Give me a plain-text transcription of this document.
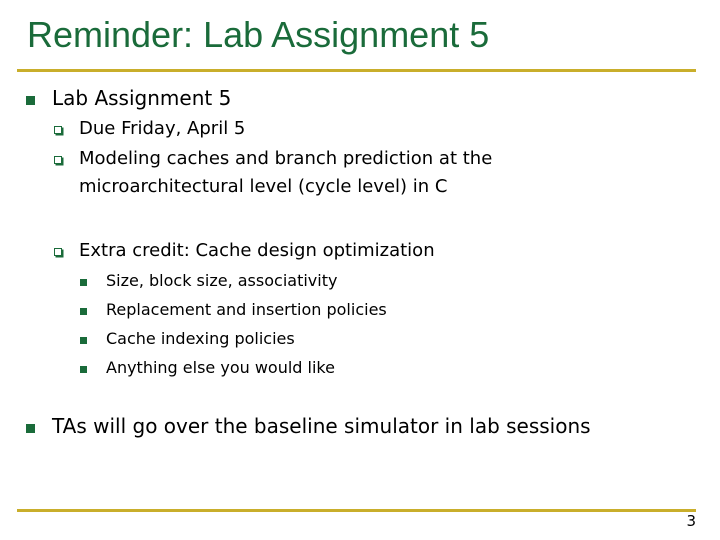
Reminder: Lab Assignment 5
Lab Assignment 5
Due Friday, April 5
Modeling caches and branch prediction at the
microarchitectural level (cycle level) in C
Extra credit: Cache design optimization
Size, block size, associativity
Replacement and insertion policies
Cache indexing policies
Anything else you would like
TAs will go over the baseline simulator in lab sessions
3
